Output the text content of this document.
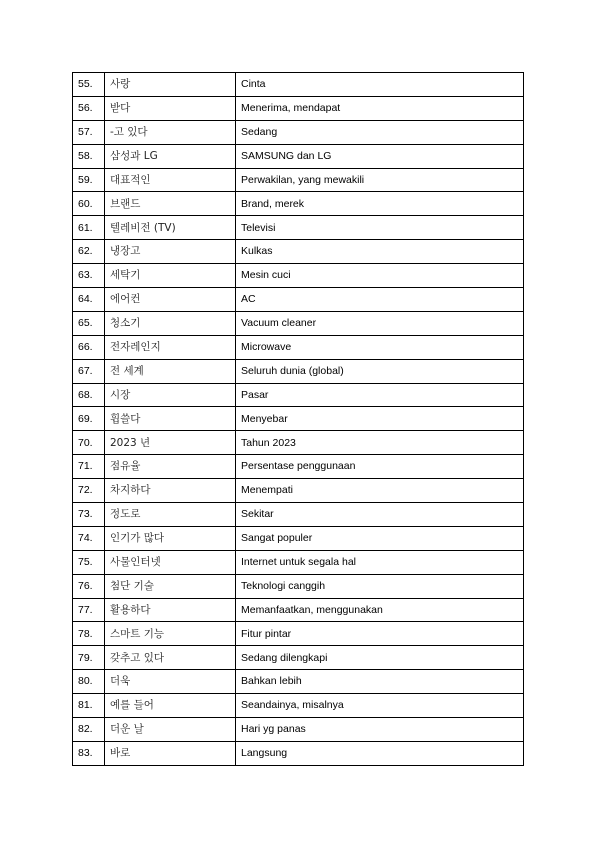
55.	사랑	Cinta
56.	받다	Menerima, mendapat
57.	-고 있다	Sedang
58.	삼성과 LG	SAMSUNG dan LG
59.	대표적인	Perwakilan, yang mewakili
60.	브랜드	Brand, merek
61.	텔레비전 (TV)	Televisi
62.	냉장고	Kulkas
63.	세탁기	Mesin cuci
64.	에어컨	AC
65.	청소기	Vacuum cleaner
66.	전자레인지	Microwave
67.	전 세계	Seluruh dunia (global)
68.	시장	Pasar
69.	휩쓸다	Menyebar
70.	2023 년	Tahun 2023
71.	점유율	Persentase penggunaan
72.	차지하다	Menempati
73.	정도로	Sekitar
74.	인기가 많다	Sangat populer
75.	사물인터넷	Internet untuk segala hal
76.	첨단 기술	Teknologi canggih
77.	활용하다	Memanfaatkan, menggunakan
78.	스마트 기능	Fitur pintar
79.	갖추고 있다	Sedang dilengkapi
80.	더욱	Bahkan lebih
81.	예를 들어	Seandainya, misalnya
82.	더운 날	Hari yg panas
83.	바로	Langsung
